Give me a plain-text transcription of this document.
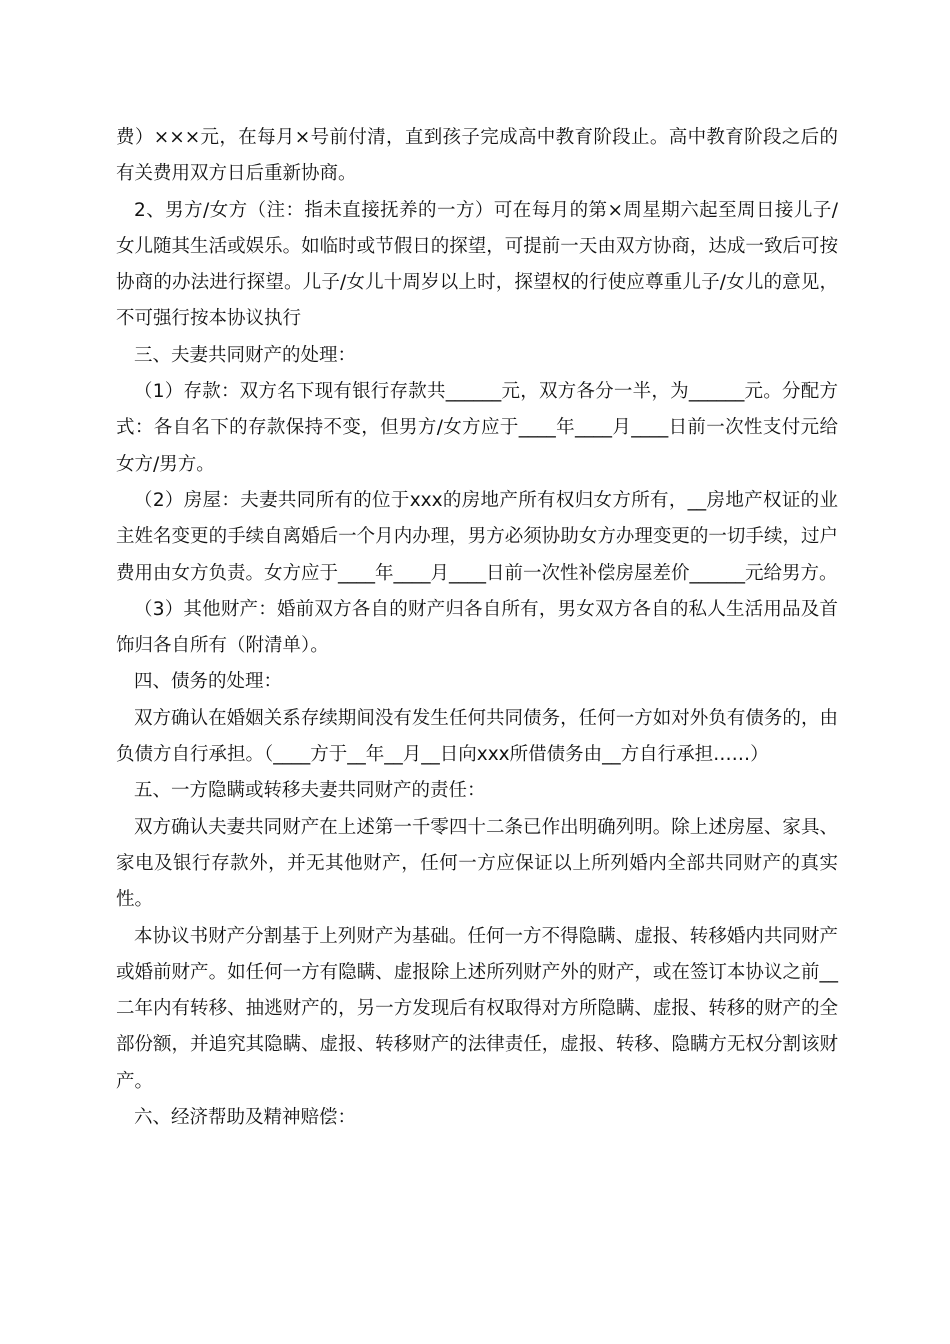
费）×××元，在每月×号前付清，直到孩子完成高中教育阶段止。高中教育阶段之后的有关费用双方日后重新协商。

2、男方/女方（注：指未直接抚养的一方）可在每月的第×周星期六起至周日接儿子/女儿随其生活或娱乐。如临时或节假日的探望，可提前一天由双方协商，达成一致后可按协商的办法进行探望。儿子/女儿十周岁以上时，探望权的行使应尊重儿子/女儿的意见，不可强行按本协议执行

三、夫妻共同财产的处理：

（1）存款：双方名下现有银行存款共______元，双方各分一半，为______元。分配方式：各自名下的存款保持不变，但男方/女方应于____年____月____日前一次性支付元给女方/男方。

（2）房屋：夫妻共同所有的位于xxx的房地产所有权归女方所有，__房地产权证的业主姓名变更的手续自离婚后一个月内办理，男方必须协助女方办理变更的一切手续，过户费用由女方负责。女方应于____年____月____日前一次性补偿房屋差价______元给男方。

（3）其他财产：婚前双方各自的财产归各自所有，男女双方各自的私人生活用品及首饰归各自所有（附清单）。

四、债务的处理：

双方确认在婚姻关系存续期间没有发生任何共同债务，任何一方如对外负有债务的，由负债方自行承担。（____方于__年__月__日向xxx所借债务由__方自行承担……）

五、一方隐瞒或转移夫妻共同财产的责任：

双方确认夫妻共同财产在上述第一千零四十二条已作出明确列明。除上述房屋、家具、家电及银行存款外，并无其他财产，任何一方应保证以上所列婚内全部共同财产的真实性。

本协议书财产分割基于上列财产为基础。任何一方不得隐瞒、虚报、转移婚内共同财产或婚前财产。如任何一方有隐瞒、虚报除上述所列财产外的财产，或在签订本协议之前__二年内有转移、抽逃财产的，另一方发现后有权取得对方所隐瞒、虚报、转移的财产的全部份额，并追究其隐瞒、虚报、转移财产的法律责任，虚报、转移、隐瞒方无权分割该财产。

六、经济帮助及精神赔偿：
